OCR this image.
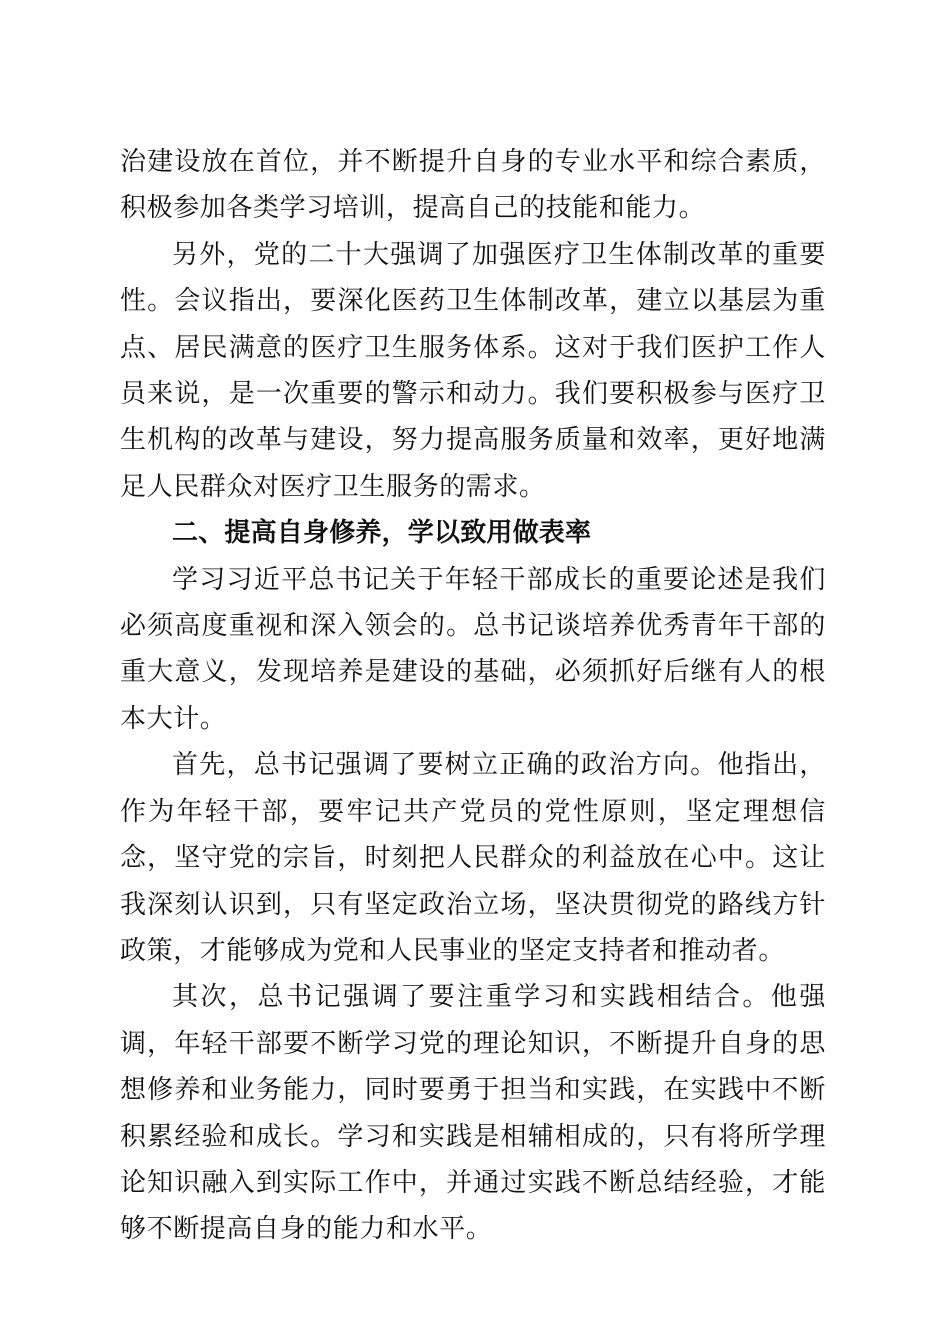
治建设放在首位，并不断提升自身的专业水平和综合素质，积极参加各类学习培训，提高自己的技能和能力。

另外，党的二十大强调了加强医疗卫生体制改革的重要性。会议指出，要深化医药卫生体制改革，建立以基层为重点、居民满意的医疗卫生服务体系。这对于我们医护工作人员来说，是一次重要的警示和动力。我们要积极参与医疗卫生机构的改革与建设，努力提高服务质量和效率，更好地满足人民群众对医疗卫生服务的需求。

二、提高自身修养，学以致用做表率

学习习近平总书记关于年轻干部成长的重要论述是我们必须高度重视和深入领会的。总书记谈培养优秀青年干部的重大意义，发现培养是建设的基础，必须抓好后继有人的根本大计。

首先，总书记强调了要树立正确的政治方向。他指出，作为年轻干部，要牢记共产党员的党性原则，坚定理想信念，坚守党的宗旨，时刻把人民群众的利益放在心中。这让我深刻认识到，只有坚定政治立场，坚决贯彻党的路线方针政策，才能够成为党和人民事业的坚定支持者和推动者。

其次，总书记强调了要注重学习和实践相结合。他强调，年轻干部要不断学习党的理论知识，不断提升自身的思想修养和业务能力，同时要勇于担当和实践，在实践中不断积累经验和成长。学习和实践是相辅相成的，只有将所学理论知识融入到实际工作中，并通过实践不断总结经验，才能够不断提高自身的能力和水平。
